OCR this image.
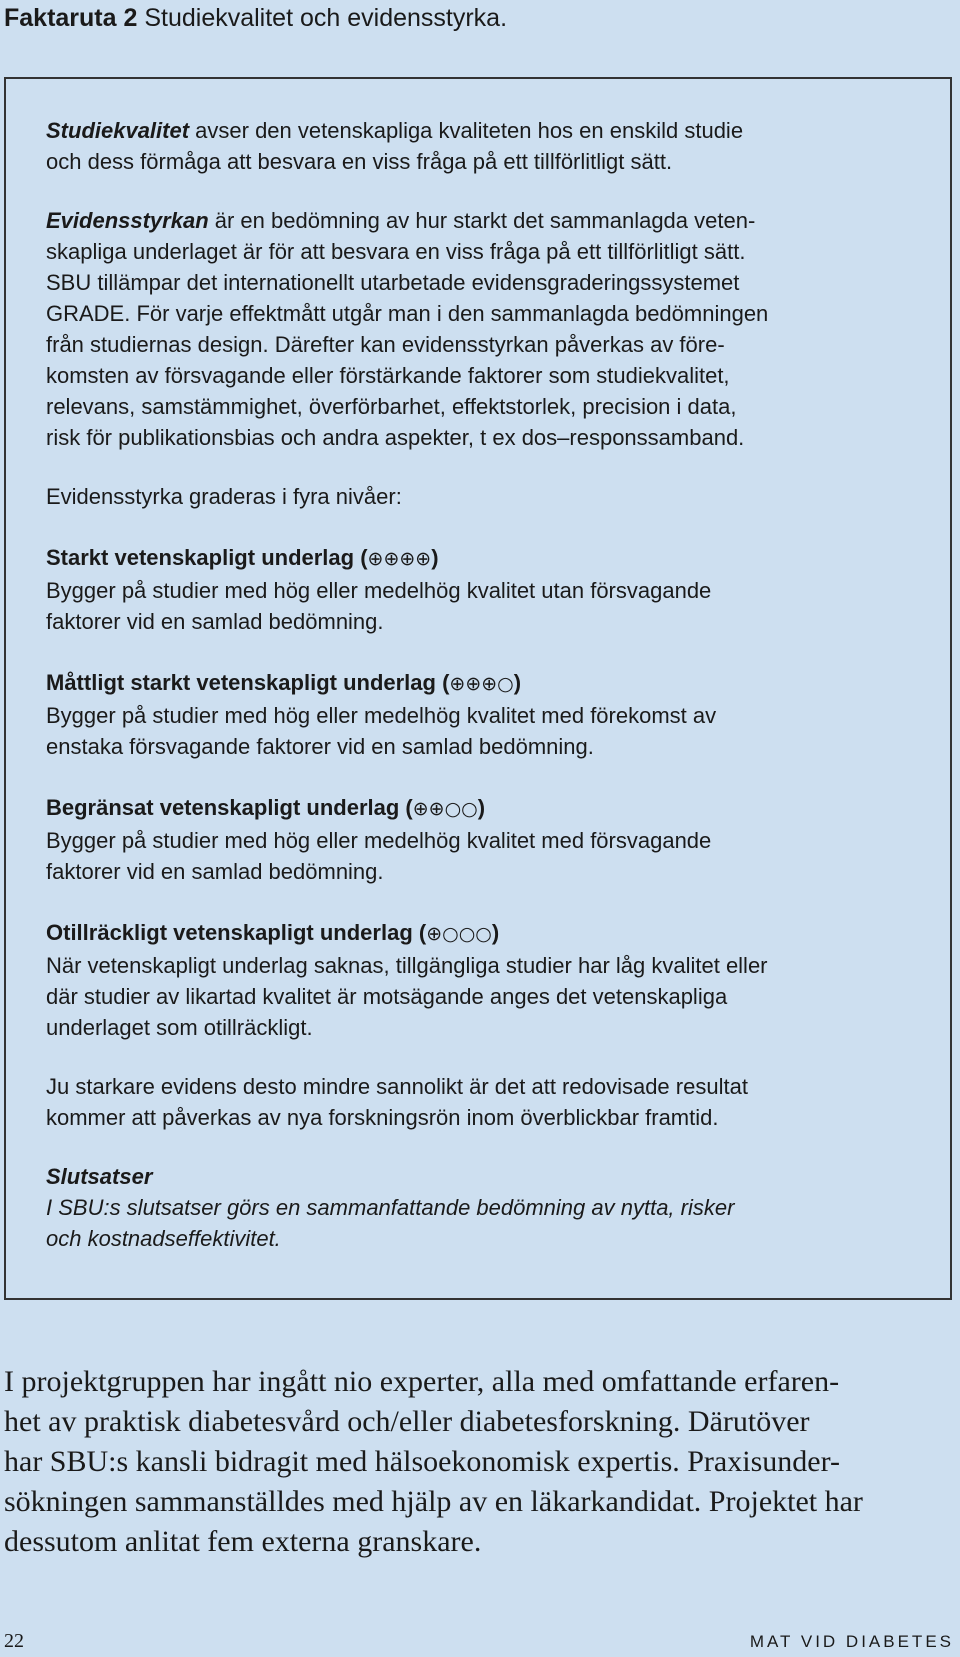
Faktaruta 2 Studiekvalitet och evidensstyrka.

Studiekvalitet avser den vetenskapliga kvaliteten hos en enskild studie
och dess förmåga att besvara en viss fråga på ett tillförlitligt sätt.

Evidensstyrkan är en bedömning av hur starkt det sammanlagda veten-
skapliga underlaget är för att besvara en viss fråga på ett tillförlitligt sätt.
SBU tillämpar det internationellt utarbetade evidensgraderingssystemet
GRADE. För varje effektmått utgår man i den sammanlagda bedömningen
från studiernas design. Därefter kan evidensstyrkan påverkas av före-
komsten av försvagande eller förstärkande faktorer som studiekvalitet,
relevans, samstämmighet, överförbarhet, effektstorlek, precision i data,
risk för publikationsbias och andra aspekter, t ex dos–responssamband.

Evidensstyrka graderas i fyra nivåer:

Starkt vetenskapligt underlag (⊕⊕⊕⊕)
Bygger på studier med hög eller medelhög kvalitet utan försvagande
faktorer vid en samlad bedömning.

Måttligt starkt vetenskapligt underlag (⊕⊕⊕○)
Bygger på studier med hög eller medelhög kvalitet med förekomst av
enstaka försvagande faktorer vid en samlad bedömning.

Begränsat vetenskapligt underlag (⊕⊕○○)
Bygger på studier med hög eller medelhög kvalitet med försvagande
faktorer vid en samlad bedömning.

Otillräckligt vetenskapligt underlag (⊕○○○)
När vetenskapligt underlag saknas, tillgängliga studier har låg kvalitet eller
där studier av likartad kvalitet är motsägande anges det vetenskapliga
underlaget som otillräckligt.

Ju starkare evidens desto mindre sannolikt är det att redovisade resultat
kommer att påverkas av nya forskningsrön inom överblickbar framtid.

Slutsatser

I SBU:s slutsatser görs en sammanfattande bedömning av nytta, risker
och kostnadseffektivitet.

I projektgruppen har ingått nio experter, alla med omfattande erfaren-
het av praktisk diabetesvård och/eller diabetesforskning. Därutöver
har SBU:s kansli bidragit med hälsoekonomisk expertis. Praxisunder-
sökningen sammanställdes med hjälp av en läkarkandidat. Projektet har
dessutom anlitat fem externa granskare.

22	MAT VID DIABETES
